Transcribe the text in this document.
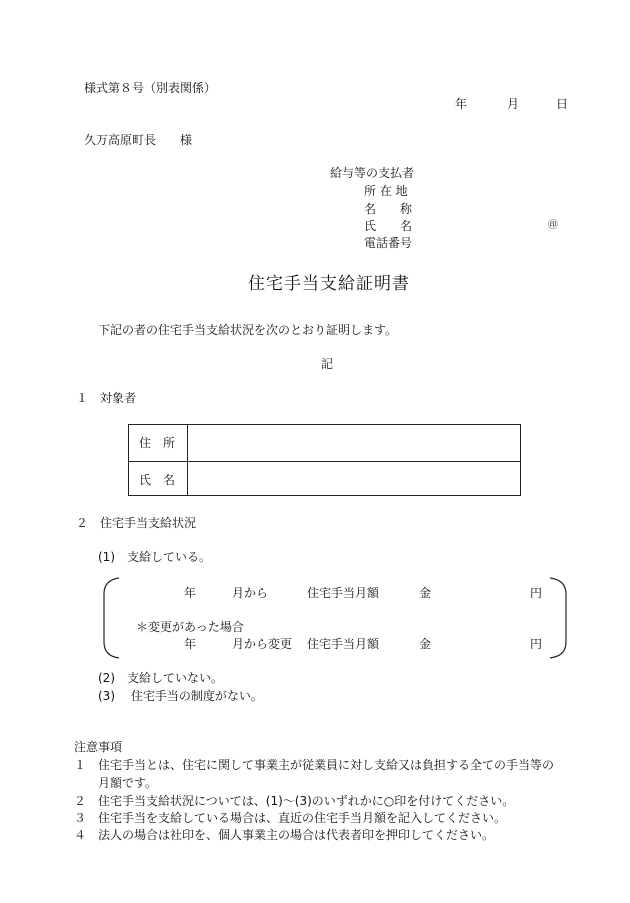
様式第８号（別表関係）
年	月	日
久万高原町長　　様
給与等の支払者
所 在 地
名　　称
氏　　名	㊞
電話番号
住宅手当支給証明書
下記の者の住宅手当支給状況を次のとおり証明します。
記
１　対象者
住　所
氏　名
２　住宅手当支給状況
(1)　支給している。
年	月から	住宅手当月額	金	円
＊変更があった場合
年	月から変更 住宅手当月額	金	円
(2)　支給していない。
(3)　 住宅手当の制度がない。
注意事項
１ 住宅手当とは、住宅に関して事業主が従業員に対し支給又は負担する全ての手当等の
月額です。
２ 住宅手当支給状況については、(1)～(3)のいずれかに○印を付けてください。
３ 住宅手当を支給している場合は、直近の住宅手当月額を記入してください。
４ 法人の場合は社印を、個人事業主の場合は代表者印を押印してください。
